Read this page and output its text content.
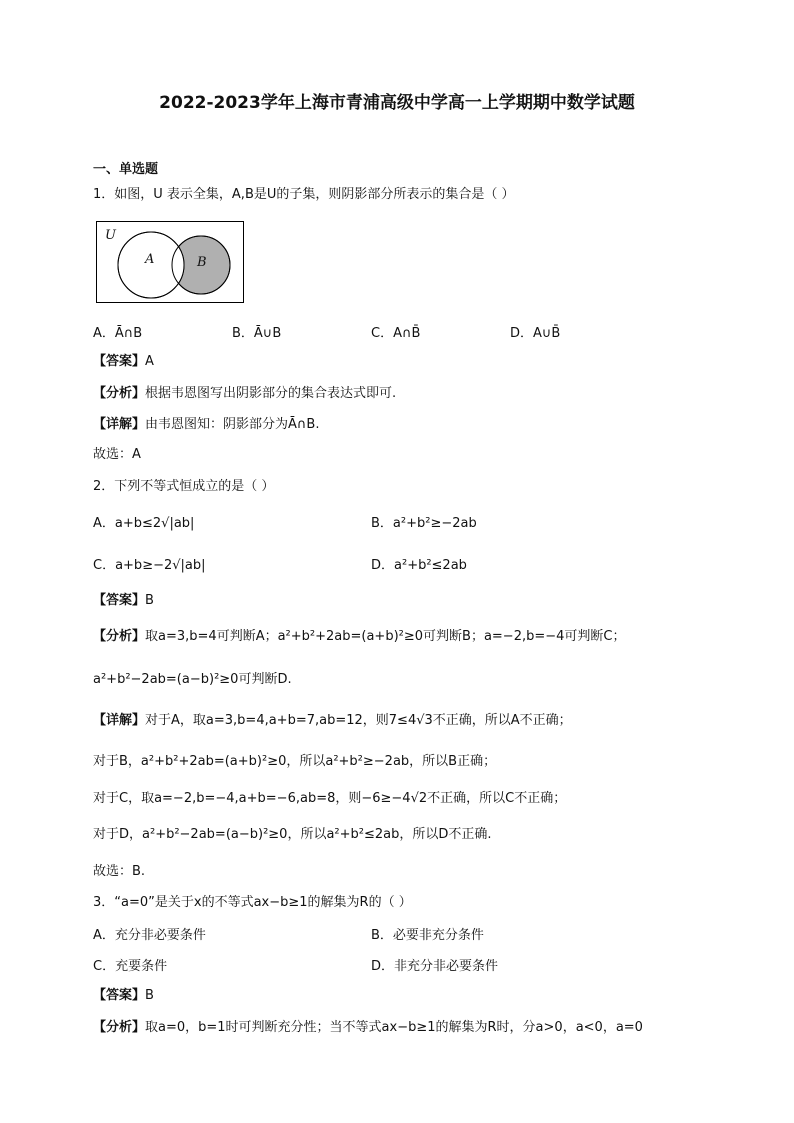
2022-2023学年上海市青浦高级中学高一上学期期中数学试题
一、单选题
1．如图，U 表示全集，A,B是U的子集，则阴影部分所表示的集合是（ ）
U
A	B
A．Ā∩B	B．Ā∪B	C．A∩B̄	D．A∪B̄
【答案】A
【分析】根据韦恩图写出阴影部分的集合表达式即可.
【详解】由韦恩图知：阴影部分为Ā∩B.
故选：A
2．下列不等式恒成立的是（ ）
A．a+b≤2√|ab|	B．a²+b²≥−2ab
C．a+b≥−2√|ab|	D．a²+b²≤2ab
【答案】B
【分析】取a=3,b=4可判断A；a²+b²+2ab=(a+b)²≥0可判断B；a=−2,b=−4可判断C；
a²+b²−2ab=(a−b)²≥0可判断D.
【详解】对于A，取a=3,b=4,a+b=7,ab=12，则7≤4√3不正确，所以A不正确；
对于B，a²+b²+2ab=(a+b)²≥0，所以a²+b²≥−2ab，所以B正确；
对于C，取a=−2,b=−4,a+b=−6,ab=8，则−6≥−4√2不正确，所以C不正确；
对于D，a²+b²−2ab=(a−b)²≥0，所以a²+b²≤2ab，所以D不正确.
故选：B.
3．“a=0”是关于x的不等式ax−b≥1的解集为R的（ ）
A．充分非必要条件	B．必要非充分条件
C．充要条件	D．非充分非必要条件
【答案】B
【分析】取a=0，b=1时可判断充分性；当不等式ax−b≥1的解集为R时，分a>0，a<0，a=0
